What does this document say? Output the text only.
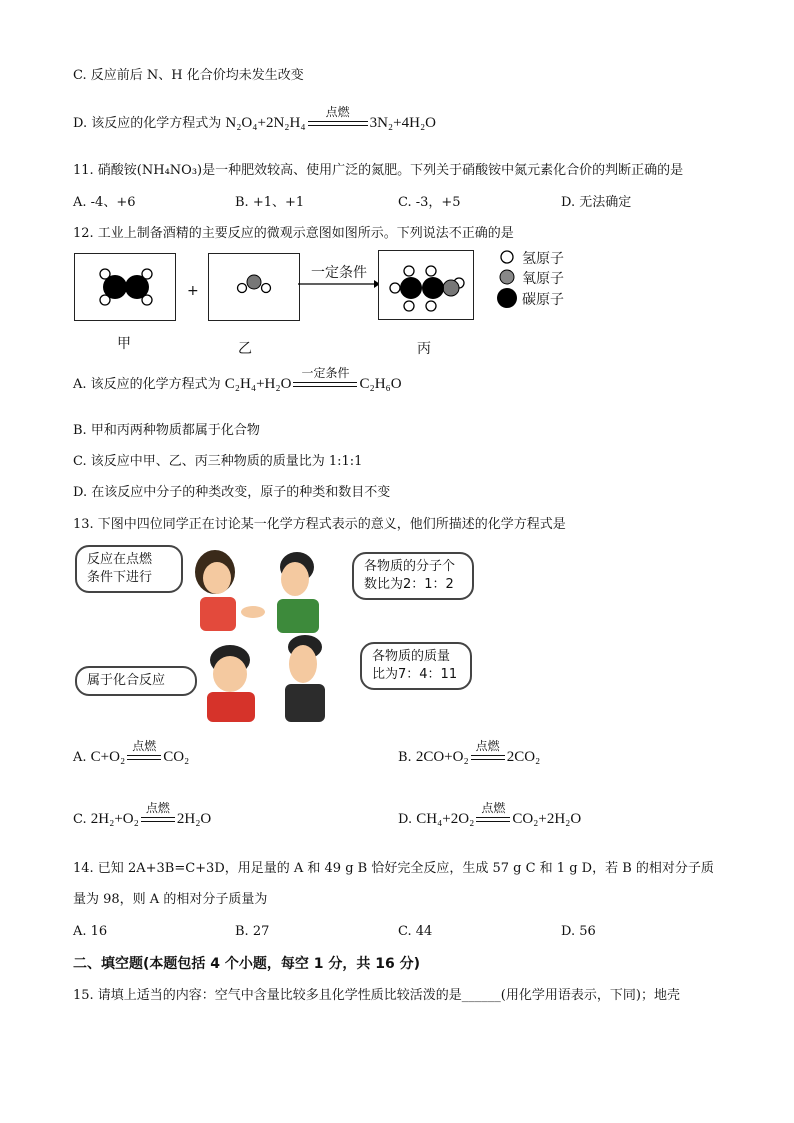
C. 反应前后 N、H 化合价均未发生改变
D. 该反应的化学方程式为 N₂O₄+2N₂H₄
点燃
3N₂+4H₂O
11. 硝酸铵(NH₄NO₃)是一种肥效较高、使用广泛的氮肥。下列关于硝酸铵中氮元素化合价的判断正确的是
A. -4、+6	B. +1、+1	C. -3，+5	D. 无法确定
12. 工业上制备酒精的主要反应的微观示意图如图所示。下列说法不正确的是
+
一定条件
氢原子
氧原子
碳原子
甲	乙	丙
A. 该反应的化学方程式为 C₂H₄+H₂O
一定条件
C₂H₆O
B. 甲和丙两种物质都属于化合物
C. 该反应中甲、乙、丙三种物质的质量比为 1:1:1
D. 在该反应中分子的种类改变，原子的种类和数目不变
13. 下图中四位同学正在讨论某一化学方程式表示的意义，他们所描述的化学方程式是
反应在点燃
条件下进行
各物质的分子个
数比为2：1：2
属于化合反应
各物质的质量
比为7：4：11
A. C+O₂
点燃
CO₂	B. 2CO+O₂
点燃
2CO₂
C. 2H₂+O₂
点燃
2H₂O	D. CH₄+2O₂
点燃
CO₂+2H₂O
14. 已知 2A+3B=C+3D，用足量的 A 和 49 g B 恰好完全反应，生成 57 g C 和 1 g D，若 B 的相对分子质
量为 98，则 A 的相对分子质量为
A. 16	B. 27	C. 44	D. 56
二、填空题(本题包括 4 个小题，每空 1 分，共 16 分)
15. 请填上适当的内容：空气中含量比较多且化学性质比较活泼的是______(用化学用语表示，下同)；地壳
